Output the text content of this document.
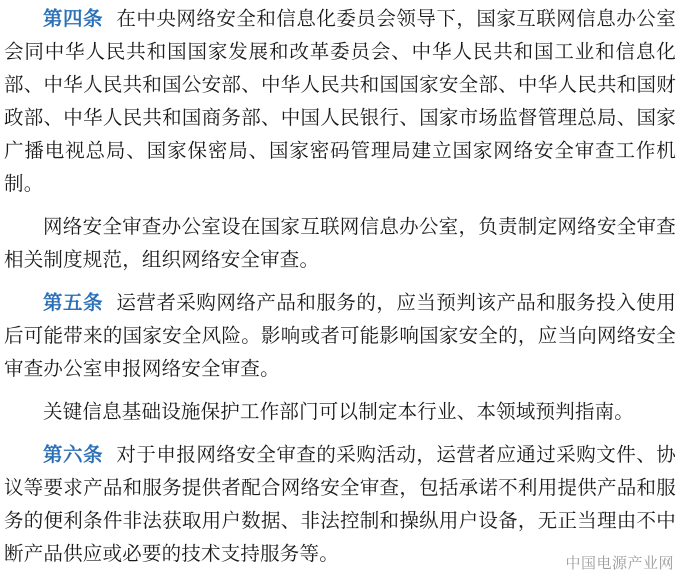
第四条 在中央网络安全和信息化委员会领导下，国家互联网信息办公室会同中华人民共和国国家发展和改革委员会、中华人民共和国工业和信息化部、中华人民共和国公安部、中华人民共和国国家安全部、中华人民共和国财政部、中华人民共和国商务部、中国人民银行、国家市场监督管理总局、国家广播电视总局、国家保密局、国家密码管理局建立国家网络安全审查工作机制。

网络安全审查办公室设在国家互联网信息办公室，负责制定网络安全审查相关制度规范，组织网络安全审查。

第五条 运营者采购网络产品和服务的，应当预判该产品和服务投入使用后可能带来的国家安全风险。影响或者可能影响国家安全的，应当向网络安全审查办公室申报网络安全审查。

关键信息基础设施保护工作部门可以制定本行业、本领域预判指南。

第六条 对于申报网络安全审查的采购活动，运营者应通过采购文件、协议等要求产品和服务提供者配合网络安全审查，包括承诺不利用提供产品和服务的便利条件非法获取用户数据、非法控制和操纵用户设备，无正当理由不中断产品供应或必要的技术支持服务等。	中国电源产业网
